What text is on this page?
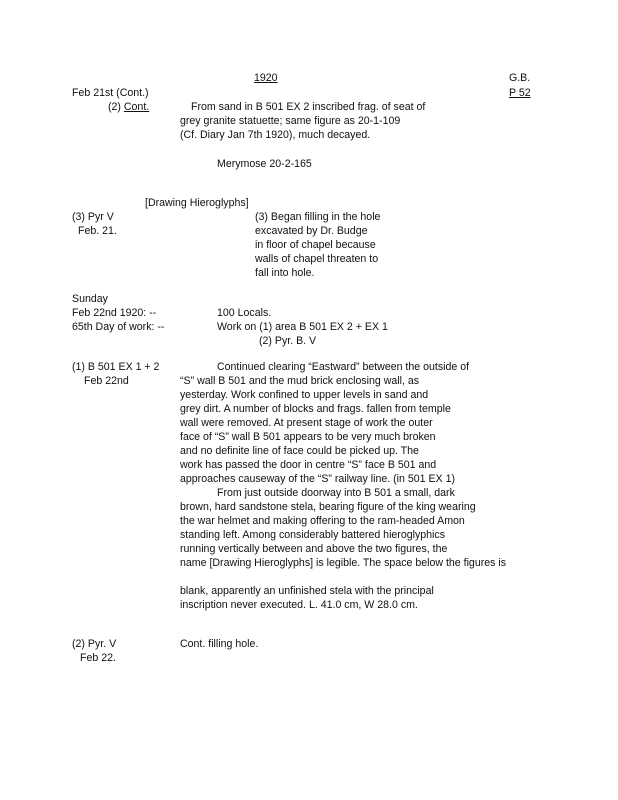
1920	G.B.
P 52
Feb 21st (Cont.)
(2) Cont.	From sand in B 501 EX 2 inscribed frag. of seat of
grey granite statuette; same figure as 20-1-109
(Cf. Diary Jan 7th 1920), much decayed.
Merymose 20-2-165
[Drawing Hieroglyphs]
(3) Pyr V
Feb. 21.
(3) Began filling in the hole
excavated by Dr. Budge
in floor of chapel because
walls of chapel threaten to
fall into hole.
Sunday
Feb 22nd 1920: --
65th Day of work: --
100 Locals.
Work on (1) area B 501 EX 2 + EX 1
(2) Pyr. B. V
(1) B 501 EX 1 + 2
Feb 22nd
Continued clearing “Eastward” between the outside of
“S” wall B 501 and the mud brick enclosing wall, as
yesterday. Work confined to upper levels in sand and
grey dirt. A number of blocks and frags. fallen from temple
wall were removed. At present stage of work the outer
face of “S” wall B 501 appears to be very much broken
and no definite line of face could be picked up. The
work has passed the door in centre “S” face B 501 and
approaches causeway of the “S” railway line. (in 501 EX 1)
From just outside doorway into B 501 a small, dark
brown, hard sandstone stela, bearing figure of the king wearing
the war helmet and making offering to the ram-headed Amon
standing left. Among considerably battered hieroglyphics
running vertically between and above the two figures, the
name [Drawing Hieroglyphs] is legible. The space below the figures is
blank, apparently an unfinished stela with the principal
inscription never executed. L. 41.0 cm, W 28.0 cm.
(2) Pyr. V
Feb 22.
Cont. filling hole.
